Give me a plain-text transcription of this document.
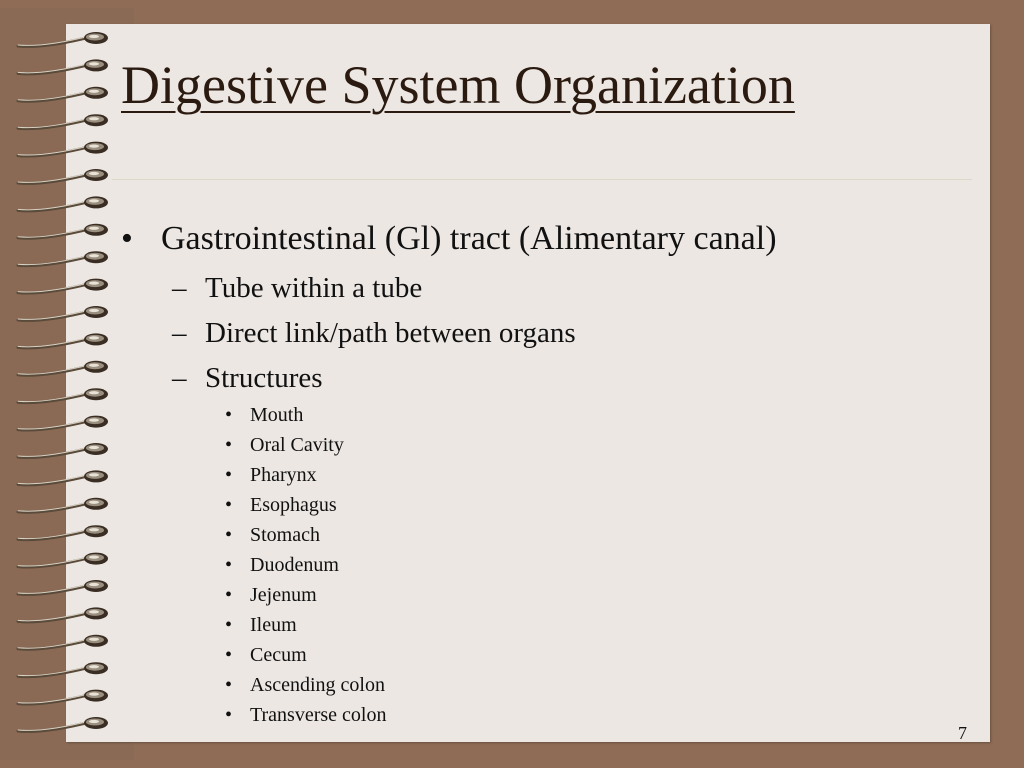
Digestive System Organization
• Gastrointestinal (Gl) tract (Alimentary canal)
– Tube within a tube
– Direct link/path between organs
– Structures
• Mouth
• Oral Cavity
• Pharynx
• Esophagus
• Stomach
• Duodenum
• Jejenum
• Ileum
• Cecum
• Ascending colon
• Transverse colon
7
